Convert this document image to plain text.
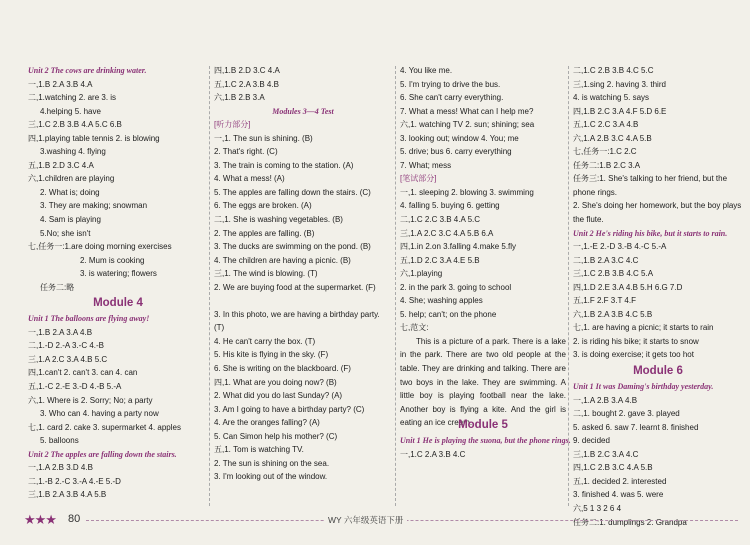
Unit 2 The cows are drinking water.
一,1.B 2.A 3.B 4.A
二,1.watching 2. are 3. is
4.helping 5. have
三,1.C 2.B 3.B 4.A 5.C 6.B
四,1.playing table tennis 2. is blowing
3.washing 4. flying
五,1.B 2.D 3.C 4.A
六,1.children are playing
2. What is; doing
3. They are making; snowman
4. Sam is playing
5.No; she isn't
七,任务一:1.are doing morning exercises
2. Mum is cooking
3. is watering; flowers
任务二:略
Module 4
Unit 1 The balloons are flying away!
一,1.B 2.A 3.A 4.B
二,1.-D 2.-A 3.-C 4.-B
三,1.A 2.C 3.A 4.B 5.C
四,1.can't 2. can't 3. can 4. can
五,1.-C 2.-E 3.-D 4.-B 5.-A
六,1. Where is 2. Sorry; No; a party
3. Who can 4. having a party now
七,1. card 2. cake 3. supermarket 4. apples
5. balloons
Unit 2 The apples are falling down the stairs.
一,1.A 2.B 3.D 4.B
二,1.-B 2.-C 3.-A 4.-E 5.-D
三,1.B 2.A 3.B 4.A 5.B
四,1.B 2.D 3.C 4.A
五,1.C 2.A 3.B 4.B
六,1.B 2.B 3.A
Modules 3—4 Test
[听力部分]
一,1. The sun is shining. (B)
2. That's right. (C)
3. The train is coming to the station. (A)
4. What a mess! (A)
5. The apples are falling down the stairs. (C)
6. The eggs are broken. (A)
二,1. She is washing vegetables. (B)
2. The apples are falling. (B)
3. The ducks are swimming on the pond. (B)
4. The children are having a picnic. (B)
三,1. The wind is blowing. (T)
2. We are buying food at the supermarket. (F)
3. In this photo, we are having a birthday party. (T)
4. He can't carry the box. (T)
5. His kite is flying in the sky. (F)
6. She is writing on the blackboard. (F)
四,1. What are you doing now? (B)
2. What did you do last Sunday? (A)
3. Am I going to have a birthday party? (C)
4. Are the oranges falling? (A)
5. Can Simon help his mother? (C)
五,1. Tom is watching TV.
2. The sun is shining on the sea.
3. I'm looking out of the window.
4. You like me.
5. I'm trying to drive the bus.
6. She can't carry everything.
7. What a mess! What can I help me?
六,1. watching TV 2. sun; shining; sea
3. looking out; window 4. You; me
5. drive; bus 6. carry everything
7. What; mess
[笔试部分]
一,1. sleeping 2. blowing 3. swimming
4. falling 5. buying 6. getting
二,1.C 2.C 3.B 4.A 5.C
三,1.A 2.C 3.C 4.A 5.B 6.A
四,1.in 2.on 3.falling 4.make 5.fly
五,1.D 2.C 3.A 4.E 5.B
六,1.playing
2. in the park 3. going to school
4. She; washing apples
5. help; can't; on the phone
七,范文:
This is a picture of a park. There is a lake in the park. There are two old people at the table. They are drinking and talking. There are two boys in the lake. They are swimming. A little boy is playing football near the lake. Another boy is flying a kite. And the girl is eating an ice cream.
Module 5
Unit 1 He is playing the suona, but the phone rings.
一,1.C 2.A 3.B 4.C
二,1.C 2.B 3.B 4.C 5.C
三,1.sing 2. having 3. third
4. is watching 5. says
四,1.B 2.C 3.A 4.F 5.D 6.E
五,1.C 2.C 3.A 4.B
六,1.A 2.B 3.C 4.A 5.B
七,任务一:1.C 2.C
任务二:1.B 2.C 3.A
任务三:1. She's talking to her friend, but the phone rings.
2. She's doing her homework, but the boy plays the flute.
Unit 2 He's riding his bike, but it starts to rain.
一,1.-E 2.-D 3.-B 4.-C 5.-A
二,1.B 2.A 3.C 4.C
三,1.C 2.B 3.B 4.C 5.A
四,1.D 2.E 3.A 4.B 5.H 6.G 7.D
五,1.F 2.F 3.T 4.F
六,1.B 2.A 3.B 4.C 5.B
七,1. are having a picnic; it starts to rain
2. is riding his bike; it starts to snow
3. is doing exercise; it gets too hot
Module 6
Unit 1 It was Daming's birthday yesterday.
一,1.A 2.B 3.A 4.B
二,1. bought 2. gave 3. played
5. asked 6. saw 7. learnt 8. finished
9. decided
三,1.B 2.C 3.A 4.C
四,1.C 2.B 3.C 4.A 5.B
五,1. decided 2. interested
3. finished 4. was 5. were
六,5 1 3 2 6 4
任务二:1. dumplings 2. Grandpa
★★★ 80	WY 六年级英语下册
